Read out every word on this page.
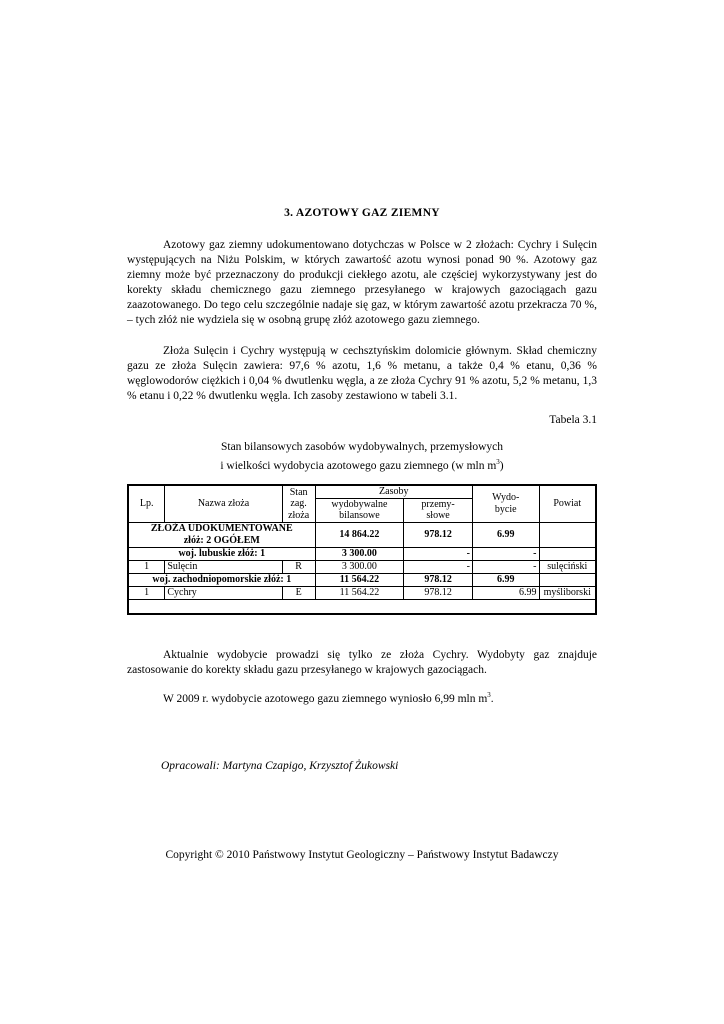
3. AZOTOWY GAZ ZIEMNY

Azotowy gaz ziemny udokumentowano dotychczas w Polsce w 2 złożach: Cychry i Sulęcin występujących na Niżu Polskim, w których zawartość azotu wynosi ponad 90 %. Azotowy gaz ziemny może być przeznaczony do produkcji ciekłego azotu, ale częściej wykorzystywany jest do korekty składu chemicznego gazu ziemnego przesyłanego w krajowych gazociągach gazu zaazotowanego. Do tego celu szczególnie nadaje się gaz, w którym zawartość azotu przekracza 70 %, – tych złóż nie wydziela się w osobną grupę złóż azotowego gazu ziemnego.

Złoża Sulęcin i Cychry występują w cechsztyńskim dolomicie głównym. Skład chemiczny gazu ze złoża Sulęcin zawiera: 97,6 % azotu, 1,6 % metanu, a także 0,4 % etanu, 0,36 % węglowodorów ciężkich i 0,04 % dwutlenku węgla, a ze złoża Cychry 91 % azotu, 5,2 % metanu, 1,3 % etanu i 0,22 % dwutlenku węgla. Ich zasoby zestawiono w tabeli 3.1.

Tabela 3.1

Stan bilansowych zasobów wydobywalnych, przemysłowych
i wielkości wydobycia azotowego gazu ziemnego (w mln $m^3$)

Lp.	Nazwa złoża	Stan
zag.
złoża	Zasoby		Wydo-
bycie	Powiat
			wydobywalne
bilansowe	przemy-
słowe		
ZŁOŻA UDOKUMENTOWANE
złóż: 2 OGÓŁEM			14 864.22	978.12	6.99	
woj. lubuskie złóż: 1			3 300.00	-	-	
1	Sulęcin	R	3 300.00	-	-	sulęciński
woj. zachodniopomorskie złóż: 1			11 564.22	978.12	6.99	
1	Cychry	E	11 564.22	978.12	6.99	myśliborski

Aktualnie wydobycie prowadzi się tylko ze złoża Cychry. Wydobyty gaz znajduje zastosowanie do korekty składu gazu przesyłanego w krajowych gazociągach.

W 2009 r. wydobycie azotowego gazu ziemnego wyniosło 6,99 mln $m^3$.

Opracowali: Martyna Czapigo, Krzysztof Żukowski

Copyright © 2010 Państwowy Instytut Geologiczny – Państwowy Instytut Badawczy
